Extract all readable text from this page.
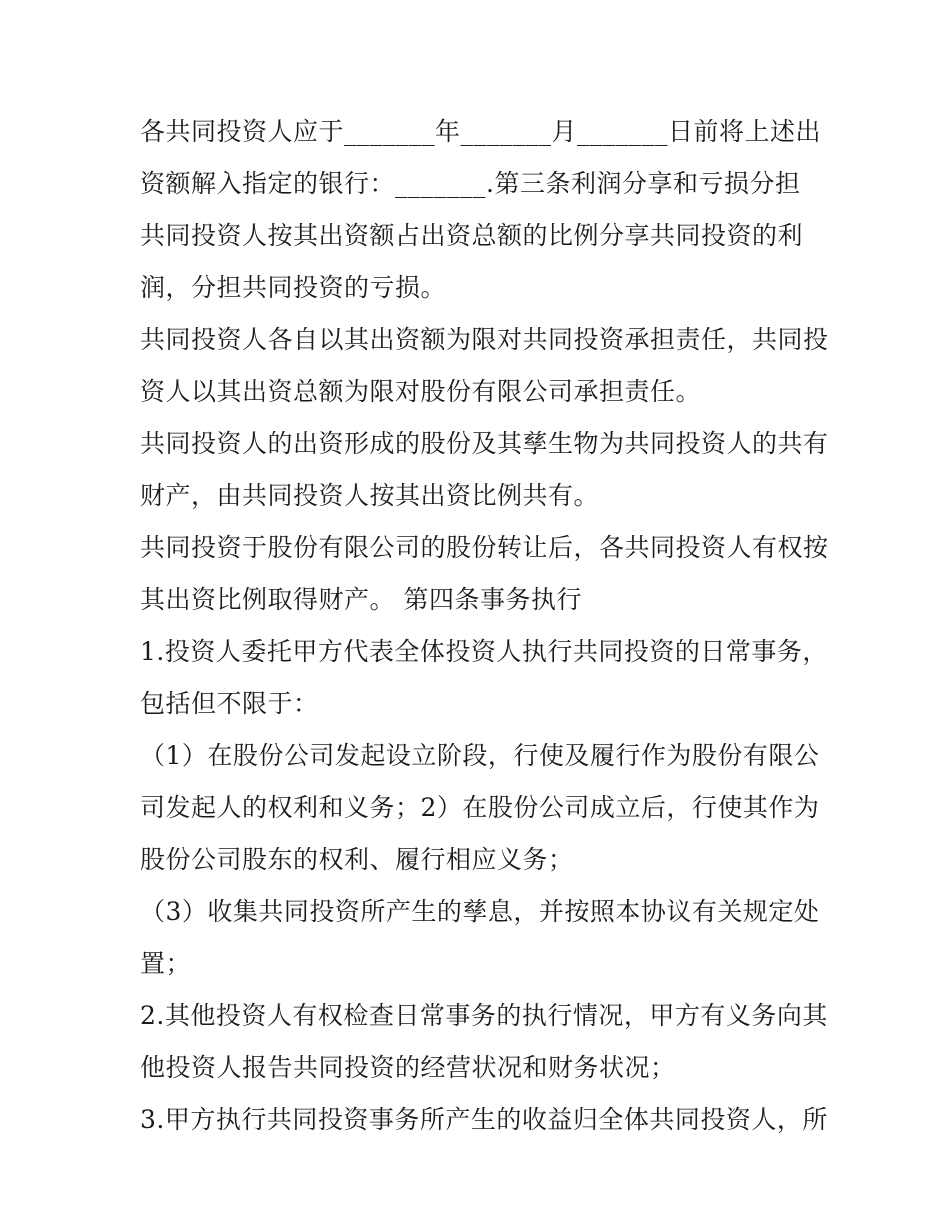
各共同投资人应于_______年_______月_______日前将上述出
资额解入指定的银行：_______.第三条利润分享和亏损分担
共同投资人按其出资额占出资总额的比例分享共同投资的利
润，分担共同投资的亏损。
共同投资人各自以其出资额为限对共同投资承担责任，共同投
资人以其出资总额为限对股份有限公司承担责任。
共同投资人的出资形成的股份及其孳生物为共同投资人的共有
财产，由共同投资人按其出资比例共有。
共同投资于股份有限公司的股份转让后，各共同投资人有权按
其出资比例取得财产。 第四条事务执行
1.投资人委托甲方代表全体投资人执行共同投资的日常事务，
包括但不限于：
（1）在股份公司发起设立阶段，行使及履行作为股份有限公
司发起人的权利和义务；2）在股份公司成立后，行使其作为
股份公司股东的权利、履行相应义务；
（3）收集共同投资所产生的孳息，并按照本协议有关规定处
置；
2.其他投资人有权检查日常事务的执行情况，甲方有义务向其
他投资人报告共同投资的经营状况和财务状况；
3.甲方执行共同投资事务所产生的收益归全体共同投资人，所
